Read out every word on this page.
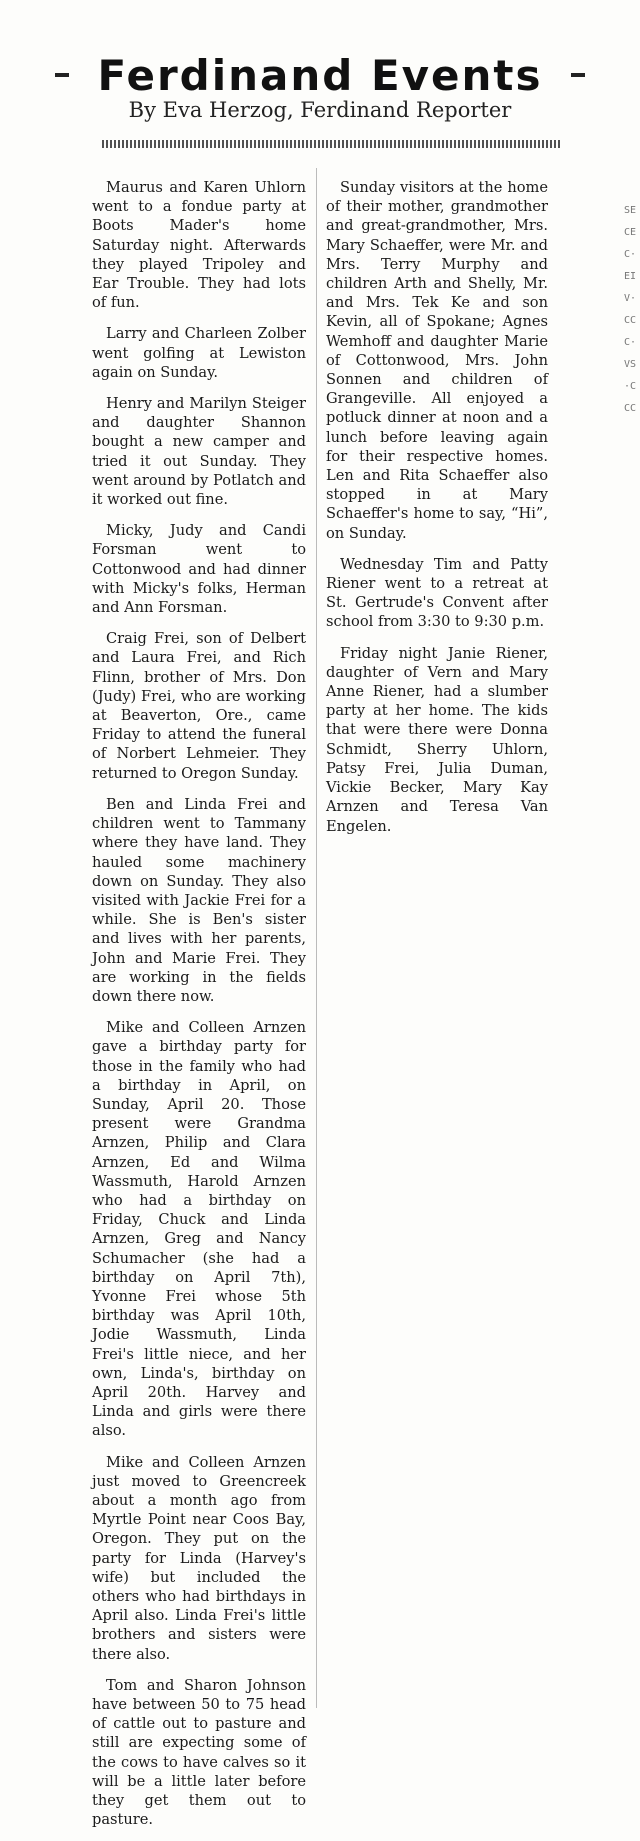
Ferdinand Events
By Eva Herzog, Ferdinand Reporter

Maurus and Karen Uhlorn went to a fondue party at Boots Mader's home Saturday night. Afterwards they played Tripoley and Ear Trouble. They had lots of fun.

Larry and Charleen Zolber went golfing at Lewiston again on Sunday.

Henry and Marilyn Steiger and daughter Shannon bought a new camper and tried it out Sunday. They went around by Potlatch and it worked out fine.

Micky, Judy and Candi Forsman went to Cottonwood and had dinner with Micky's folks, Herman and Ann Forsman.

Craig Frei, son of Delbert and Laura Frei, and Rich Flinn, brother of Mrs. Don (Judy) Frei, who are working at Beaverton, Ore., came Friday to attend the funeral of Norbert Lehmeier. They returned to Oregon Sunday.

Ben and Linda Frei and children went to Tammany where they have land. They hauled some machinery down on Sunday. They also visited with Jackie Frei for a while. She is Ben's sister and lives with her parents, John and Marie Frei. They are working in the fields down there now.

Mike and Colleen Arnzen gave a birthday party for those in the family who had a birthday in April, on Sunday, April 20. Those present were Grandma Arnzen, Philip and Clara Arnzen, Ed and Wilma Wassmuth, Harold Arnzen who had a birthday on Friday, Chuck and Linda Arnzen, Greg and Nancy Schumacher (she had a birthday on April 7th), Yvonne Frei whose 5th birthday was April 10th, Jodie Wassmuth, Linda Frei's little niece, and her own, Linda's, birthday on April 20th. Harvey and Linda and girls were there also.

Mike and Colleen Arnzen just moved to Greencreek about a month ago from Myrtle Point near Coos Bay, Oregon. They put on the party for Linda (Harvey's wife) but included the others who had birthdays in April also. Linda Frei's little brothers and sisters were there also.

Tom and Sharon Johnson have between 50 to 75 head of cattle out to pasture and still are expecting some of the cows to have calves so it will be a little later before they get them out to pasture.

Sunday visitors at the home of their mother, grandmother and great-grandmother, Mrs. Mary Schaeffer, were Mr. and Mrs. Terry Murphy and children Arth and Shelly, Mr. and Mrs. Tek Ke and son Kevin, all of Spokane; Agnes Wemhoff and daughter Marie of Cottonwood, Mrs. John Sonnen and children of Grangeville. All enjoyed a potluck dinner at noon and a lunch before leaving again for their respective homes. Len and Rita Schaeffer also stopped in at Mary Schaeffer's home to say, “Hi”, on Sunday.

Wednesday Tim and Patty Riener went to a retreat at St. Gertrude's Convent after school from 3:30 to 9:30 p.m.

Friday night Janie Riener, daughter of Vern and Mary Anne Riener, had a slumber party at her home. The kids that were there were Donna Schmidt, Sherry Uhlorn, Patsy Frei, Julia Duman, Vickie Becker, Mary Kay Arnzen and Teresa Van Engelen.

SECEC·EIV·CCC·VS·CCC
